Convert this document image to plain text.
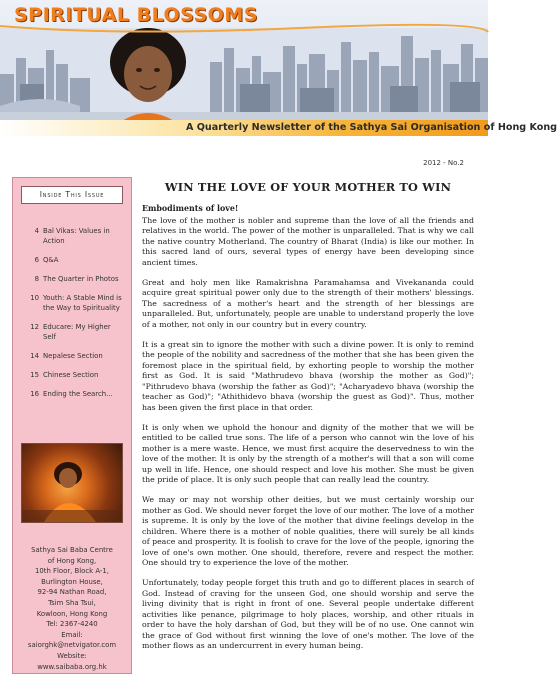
SPIRITUAL BLOSSOMS
A Quarterly Newsletter of the Sathya Sai Organisation of Hong Kong
2012 - No.2
Inside This Issue
4 Bal Vikas: Values in Action
6 Q&A
8 The Quarter in Photos
10 Youth: A Stable Mind is the Way to Spirituality
12 Educare: My Higher Self
14 Nepalese Section
15 Chinese Section
16 Ending the Search...
Sathya Sai Baba Centre
of Hong Kong,
10th Floor, Block A-1,
Burlington House,
92-94 Nathan Road,
Tsim Sha Tsui,
Kowloon, Hong Kong
Tel: 2367-4240
Email:
saiorghk@netvigator.com
Website:
www.saibaba.org.hk
WIN THE LOVE OF YOUR MOTHER TO WIN
Embodiments of love!

The love of the mother is nobler and supreme than the love of all the friends and relatives in the world. The power of the mother is unparalleled. That is why we call the native country Motherland. The country of Bharat (India) is like our mother. In this sacred land of ours, several types of energy have been developing since ancient times.

Great and holy men like Ramakrishna Paramahamsa and Vivekananda could acquire great spiritual power only due to the strength of their mothers' blessings. The sacredness of a mother's heart and the strength of her blessings are unparalleled. But, unfortunately, people are unable to understand properly the love of a mother, not only in our country but in every country.

It is a great sin to ignore the mother with such a divine power. It is only to remind the people of the nobility and sacredness of the mother that she has been given the foremost place in the spiritual field, by exhorting people to worship the mother first as God. It is said "Mathrudevo bhava (worship the mother as God)"; "Pithrudevo bhava (worship the father as God)"; "Acharyadevo bhava (worship the teacher as God)"; "Athithidevo bhava (worship the guest as God)". Thus, mother has been given the first place in that order.

It is only when we uphold the honour and dignity of the mother that we will be entitled to be called true sons. The life of a person who cannot win the love of his mother is a mere waste. Hence, we must first acquire the deservedness to win the love of the mother. It is only by the strength of a mother's will that a son will come up well in life. Hence, one should respect and love his mother. She must be given the pride of place. It is only such people that can really lead the country.

We may or may not worship other deities, but we must certainly worship our mother as God. We should never forget the love of our mother. The love of a mother is supreme. It is only by the love of the mother that divine feelings develop in the children. Where there is a mother of noble qualities, there will surely be all kinds of peace and prosperity. It is foolish to crave for the love of the people, ignoring the love of one's own mother. One should, therefore, revere and respect the mother. One should try to experience the love of the mother.

Unfortunately, today people forget this truth and go to different places in search of God. Instead of craving for the unseen God, one should worship and serve the living divinity that is right in front of one. Several people undertake different activities like penance, pilgrimage to holy places, worship, and other rituals in order to have the holy darshan of God, but they will be of no use. One cannot win the grace of God without first winning the love of one's mother. The love of the mother flows as an undercurrent in every human being.
